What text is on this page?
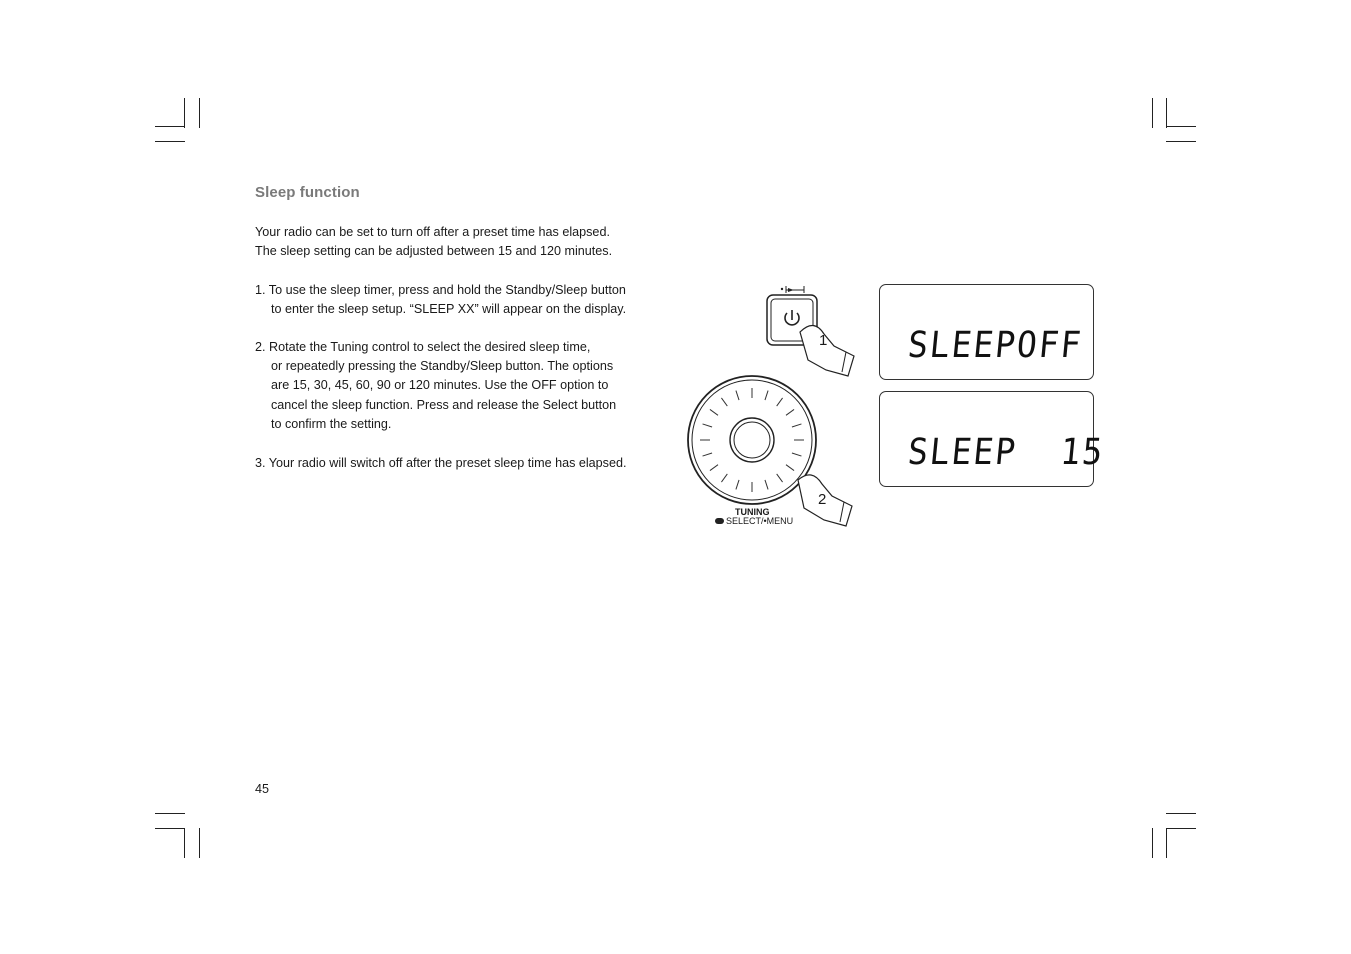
Sleep function
Your radio can be set to turn off after a preset time has elapsed.
The sleep setting can be adjusted between 15 and 120 minutes.
1. To use the sleep timer, press and hold the Standby/Sleep button
to enter the sleep setup. “SLEEP XX” will appear on the display.
2. Rotate the Tuning control to select the desired sleep time,
or repeatedly pressing the Standby/Sleep button. The options
are 15, 30, 45, 60, 90 or 120 minutes. Use the OFF option to
cancel the sleep function. Press and release the Select button
to confirm the setting.
3. Your radio will switch off after the preset sleep time has elapsed.
1
2
TUNING
SELECT/•MENU
SLEEPOFF
SLEEP  15
45
